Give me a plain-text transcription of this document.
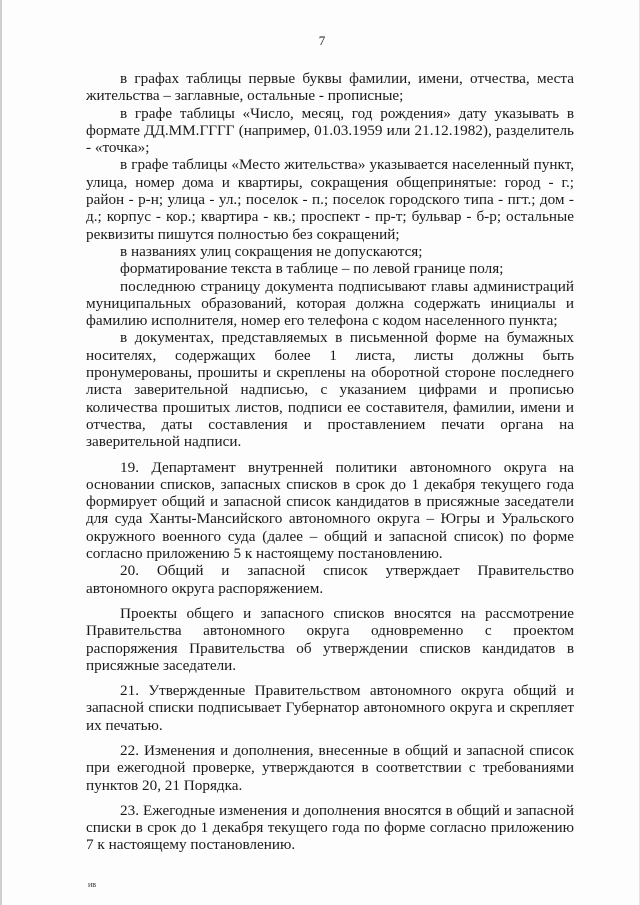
7

в графах таблицы первые буквы фамилии, имени, отчества, места жительства – заглавные, остальные - прописные;

в графе таблицы «Число, месяц, год рождения» дату указывать в формате ДД.ММ.ГГГГ (например, 01.03.1959 или 21.12.1982), разделитель - «точка»;

в графе таблицы «Место жительства» указывается населенный пункт, улица, номер дома и квартиры, сокращения общепринятые: город - г.; район - р-н; улица - ул.; поселок - п.; поселок городского типа - пгт.; дом - д.; корпус - кор.; квартира - кв.; проспект - пр-т; бульвар - б-р; остальные реквизиты пишутся полностью без сокращений;

в названиях улиц сокращения не допускаются;

форматирование текста в таблице – по левой границе поля;

последнюю страницу документа подписывают главы администраций муниципальных образований, которая должна содержать инициалы и фамилию исполнителя, номер его телефона с кодом населенного пункта;

в документах, представляемых в письменной форме на бумажных носителях, содержащих более 1 листа, листы должны быть пронумерованы, прошиты и скреплены на оборотной стороне последнего листа заверительной надписью, с указанием цифрами и прописью количества прошитых листов, подписи ее составителя, фамилии, имени и отчества, даты составления и проставлением печати органа на заверительной надписи.

19. Департамент внутренней политики автономного округа на основании списков, запасных списков в срок до 1 декабря текущего года формирует общий и запасной список кандидатов в присяжные заседатели для суда Ханты-Мансийского автономного округа – Югры и Уральского окружного военного суда (далее – общий и запасной список) по форме согласно приложению 5 к настоящему постановлению.

20. Общий и запасной список утверждает Правительство автономного округа распоряжением.

Проекты общего и запасного списков вносятся на рассмотрение Правительства автономного округа одновременно с проектом распоряжения Правительства об утверждении списков кандидатов в присяжные заседатели.

21. Утвержденные Правительством автономного округа общий и запасной списки подписывает Губернатор автономного округа и скрепляет их печатью.

22. Изменения и дополнения, внесенные в общий и запасной список при ежегодной проверке, утверждаются в соответствии с требованиями пунктов 20, 21 Порядка.

23. Ежегодные изменения и дополнения вносятся в общий и запасной списки в срок до 1 декабря текущего года по форме согласно приложению 7 к настоящему постановлению.

ив
